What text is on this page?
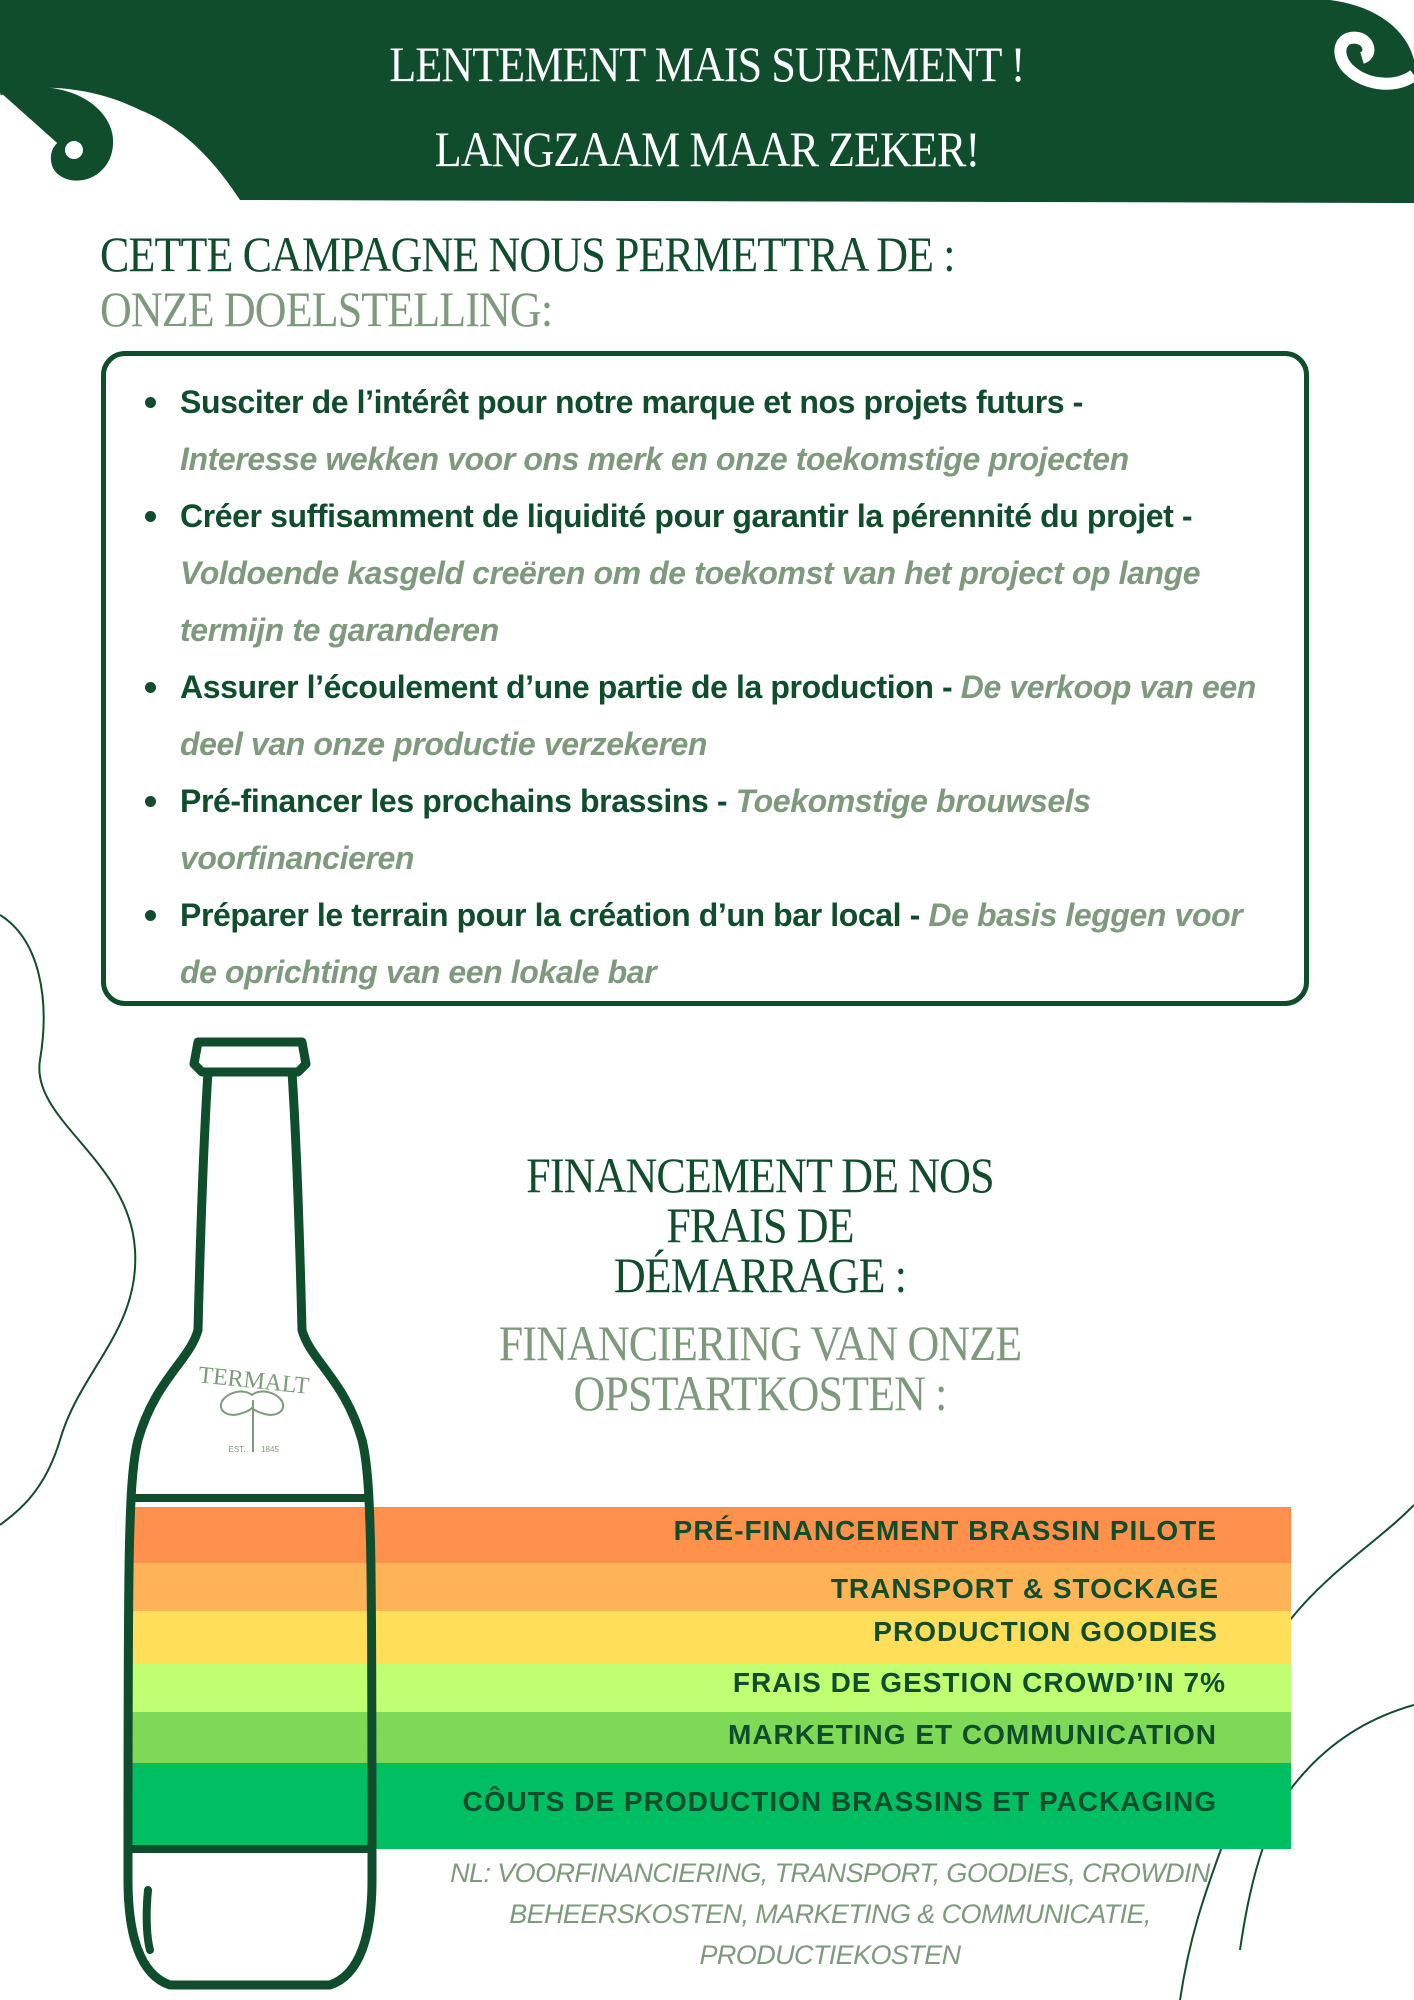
LENTEMENT MAIS SUREMENT !
LANGZAAM MAAR ZEKER!
CETTE CAMPAGNE NOUS PERMETTRA DE :
ONZE DOELSTELLING:
Susciter de l’intérêt pour notre marque et nos projets futurs -
Interesse wekken voor ons merk en onze toekomstige projecten
Créer suffisamment de liquidité pour garantir la pérennité du projet -
Voldoende kasgeld creëren om de toekomst van het project op lange termijn te garanderen
Assurer l’écoulement d’une partie de la production - De verkoop van een deel van onze productie verzekeren
Pré-financer les prochains brassins - Toekomstige brouwsels voorfinancieren
Préparer le terrain pour la création d’un bar local - De basis leggen voor de oprichting van een lokale bar
FINANCEMENT DE NOS
FRAIS DE
DÉMARRAGE :
FINANCIERING VAN ONZE
OPSTARTKOSTEN :
PRÉ-FINANCEMENT BRASSIN PILOTE
TRANSPORT & STOCKAGE
PRODUCTION GOODIES
FRAIS DE GESTION CROWD’IN 7%
MARKETING ET COMMUNICATION
CÔUTS DE PRODUCTION BRASSINS ET PACKAGING
TERMALT
EST. 1845
NL: VOORFINANCIERING, TRANSPORT, GOODIES, CROWDIN
BEHEERSKOSTEN, MARKETING & COMMUNICATIE,
PRODUCTIEKOSTEN
